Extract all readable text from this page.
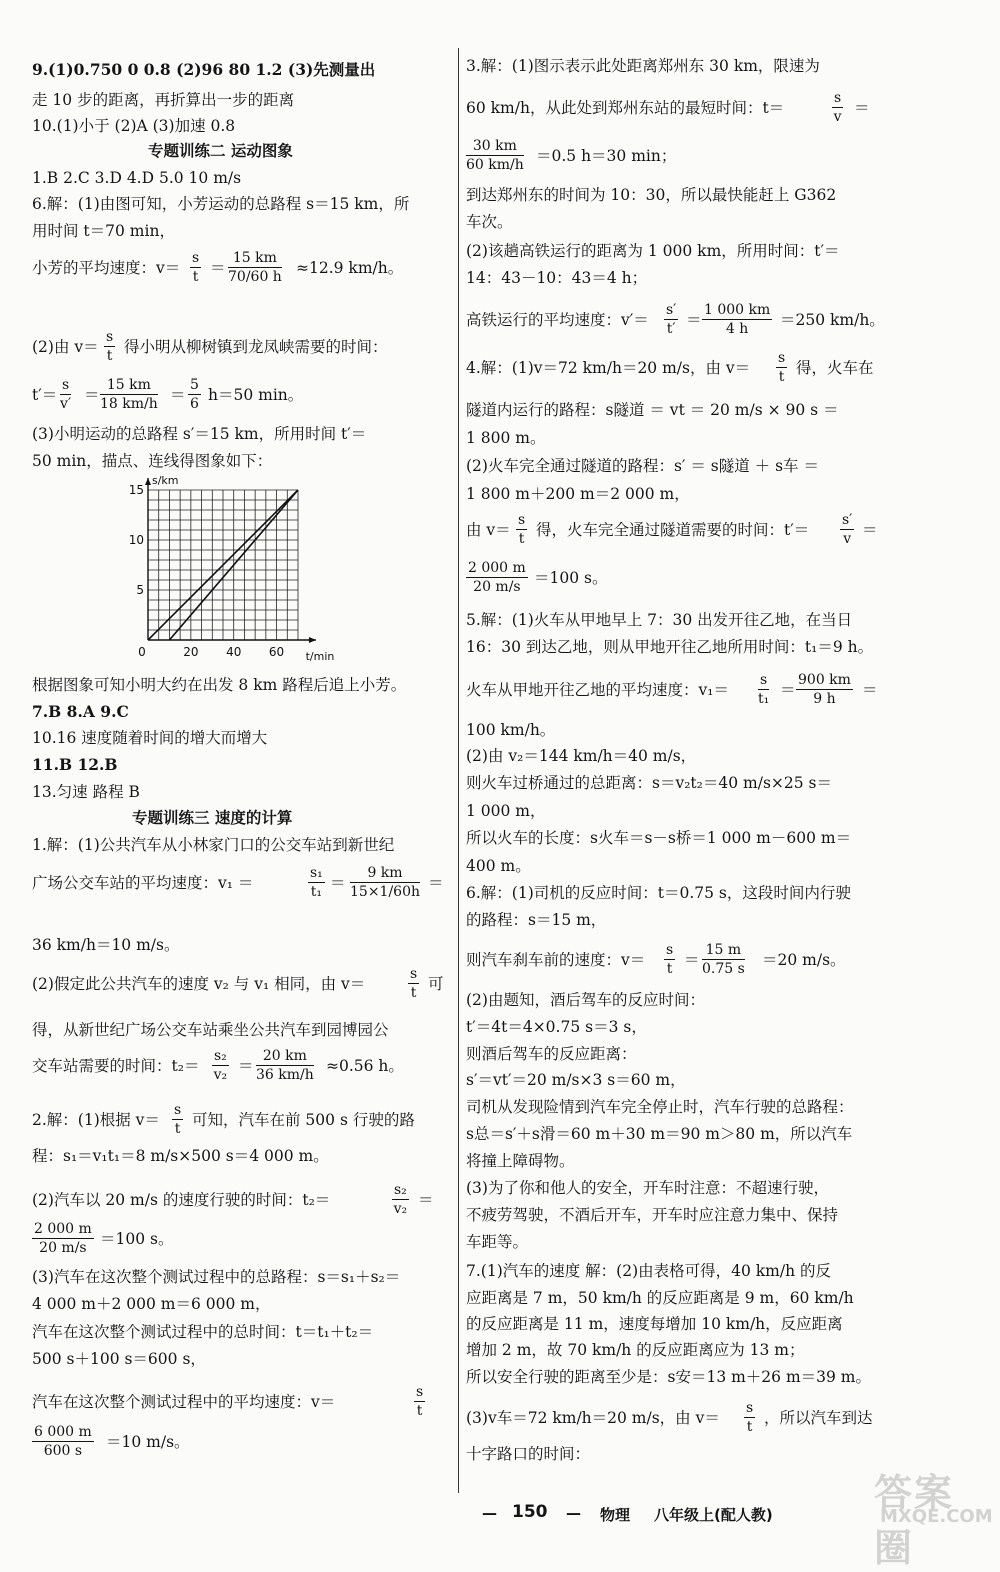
9.(1)0.750 0 0.8 (2)96 80 1.2 (3)先测量出
走 10 步的距离，再折算出一步的距离
10.(1)小于 (2)A (3)加速 0.8
专题训练二 运动图象
1.B 2.C 3.D 4.D 5.0 10 m/s
6.解：(1)由图可知，小芳运动的总路程 s＝15 km，所
用时间 t＝70 min，
小芳的平均速度：$v= \frac{s}{t} = \frac{15 km}{70/60 h} \approx 12.9$ km/h。
(2)由 $v= \frac{s}{t}$ 得小明从柳树镇到龙凤峡需要的时间：
$t'= \frac{s}{v'} = \frac{15 km}{18 km/h} = \frac{5}{6} h=50$ min。
(3)小明运动的总路程 s′＝15 km，所用时间 t′＝
50 min，描点、连线得图象如下：
0	20 40 60
5
10
15
t/min
s/km
根据图象可知小明大约在出发 8 km 路程后追上小芳。
7.B 8.A 9.C
10.16 速度随着时间的增大而增大
11.B 12.B
13.匀速 路程 B
专题训练三 速度的计算
1.解：(1)公共汽车从小林家门口的公交车站到新世纪
广场公交车站的平均速度：v₁ ＝	$\frac{\text{s₁}}{\text{t₁}} = \frac{9 km}{15\times 1/60h}$ ＝
36 km/h＝10 m/s。
(2)假定此公共汽车的速度 v₂ 与 v₁ 相同，由 v＝	$\frac{s}{t}$ 可
得，从新世纪广场公交车站乘坐公共汽车到园博园公
交车站需要的时间：$t_2= \frac{\text{s₂}}{\text{v₂}} = \frac{20 km}{36 km/h} \approx 0.56$ h。
2.解：(1)根据 $v= \frac{s}{t}$ 可知，汽车在前 500 s 行驶的路
程：s₁＝v₁t₁＝8 m/s×500 s＝4 000 m。
(2)汽车以 20 m/s 的速度行驶的时间：t₂＝	$\frac{\text{s₂}}{\text{v₂}}$ ＝
$\frac{2 000 m}{20 m/s} =100$ s。
(3)汽车在这次整个测试过程中的总路程：s＝s₁＋s₂＝
4 000 m＋2 000 m＝6 000 m，
汽车在这次整个测试过程中的总时间：t＝t₁＋t₂＝
500 s＋100 s＝600 s，
汽车在这次整个测试过程中的平均速度：v＝	$\frac{s}{t}$
$\frac{6 000 m}{600 s} =10$ m/s。
3.解：(1)图示表示此处距离郑州东 30 km，限速为
60 km/h，从此处到郑州东站的最短时间：t＝	$\frac{s}{v}$ ＝
$\frac{30 km}{60 km/h} =0.5$ h＝30 min；
到达郑州东的时间为 10：30，所以最快能赶上 G362
车次。
(2)该趟高铁运行的距离为 1 000 km，所用时间：t′＝
14：43－10：43＝4 h；
高铁运行的平均速度：$v'= \frac{s'}{t'} = \frac{1 000 km}{4 h} =250$ km/h。
4.解：(1)v＝72 km/h＝20 m/s，由 $v= \frac{s}{t}$ 得，火车在
隧道内运行的路程：s隧道 ＝ vt ＝ 20 m/s × 90 s ＝
1 800 m。
(2)火车完全通过隧道的路程：s′ ＝ s隧道 ＋ s车 ＝
1 800 m＋200 m＝2 000 m，
由 $v= \frac{s}{t}$ 得，火车完全通过隧道需要的时间：$t'= \frac{s'}{v}$ ＝
$\frac{2 000 m}{20 m/s} =100$ s。
5.解：(1)火车从甲地早上 7：30 出发开往乙地，在当日
16：30 到达乙地，则从甲地开往乙地所用时间：t₁＝9 h。
火车从甲地开往乙地的平均速度：$v_1= \frac{s}{\text{t₁}} = \frac{900 km}{9 h}$ ＝
100 km/h。
(2)由 v₂＝144 km/h＝40 m/s，
则火车过桥通过的总距离：s＝v₂t₂＝40 m/s×25 s＝
1 000 m，
所以火车的长度：s火车＝s－s桥＝1 000 m－600 m＝
400 m。
6.解：(1)司机的反应时间：t＝0.75 s，这段时间内行驶
的路程：s＝15 m，
则汽车刹车前的速度：$v= \frac{s}{t} = \frac{15 m}{0.75 s} =20$ m/s。
(2)由题知，酒后驾车的反应时间：
t′＝4t＝4×0.75 s＝3 s，
则酒后驾车的反应距离：
s′＝vt′＝20 m/s×3 s＝60 m，
司机从发现险情到汽车完全停止时，汽车行驶的总路程：
s总＝s′＋s滑＝60 m＋30 m＝90 m＞80 m，所以汽车
将撞上障碍物。
(3)为了你和他人的安全，开车时注意：不超速行驶，
不疲劳驾驶，不酒后开车，开车时应注意力集中、保持
车距等。
7.(1)汽车的速度 解：(2)由表格可得，40 km/h 的反
应距离是 7 m，50 km/h 的反应距离是 9 m，60 km/h
的反应距离是 11 m，速度每增加 10 km/h，反应距离
增加 2 m，故 70 km/h 的反应距离应为 13 m；
所以安全行驶的距离至少是：s安＝13 m＋26 m＝39 m。
(3)v车＝72 km/h＝20 m/s，由 $v= \frac{s}{t}$ ，所以汽车到达
十字路口的时间：
— 150 — 物理 八年级上(配人教)	答案圈
MXQE.COM
